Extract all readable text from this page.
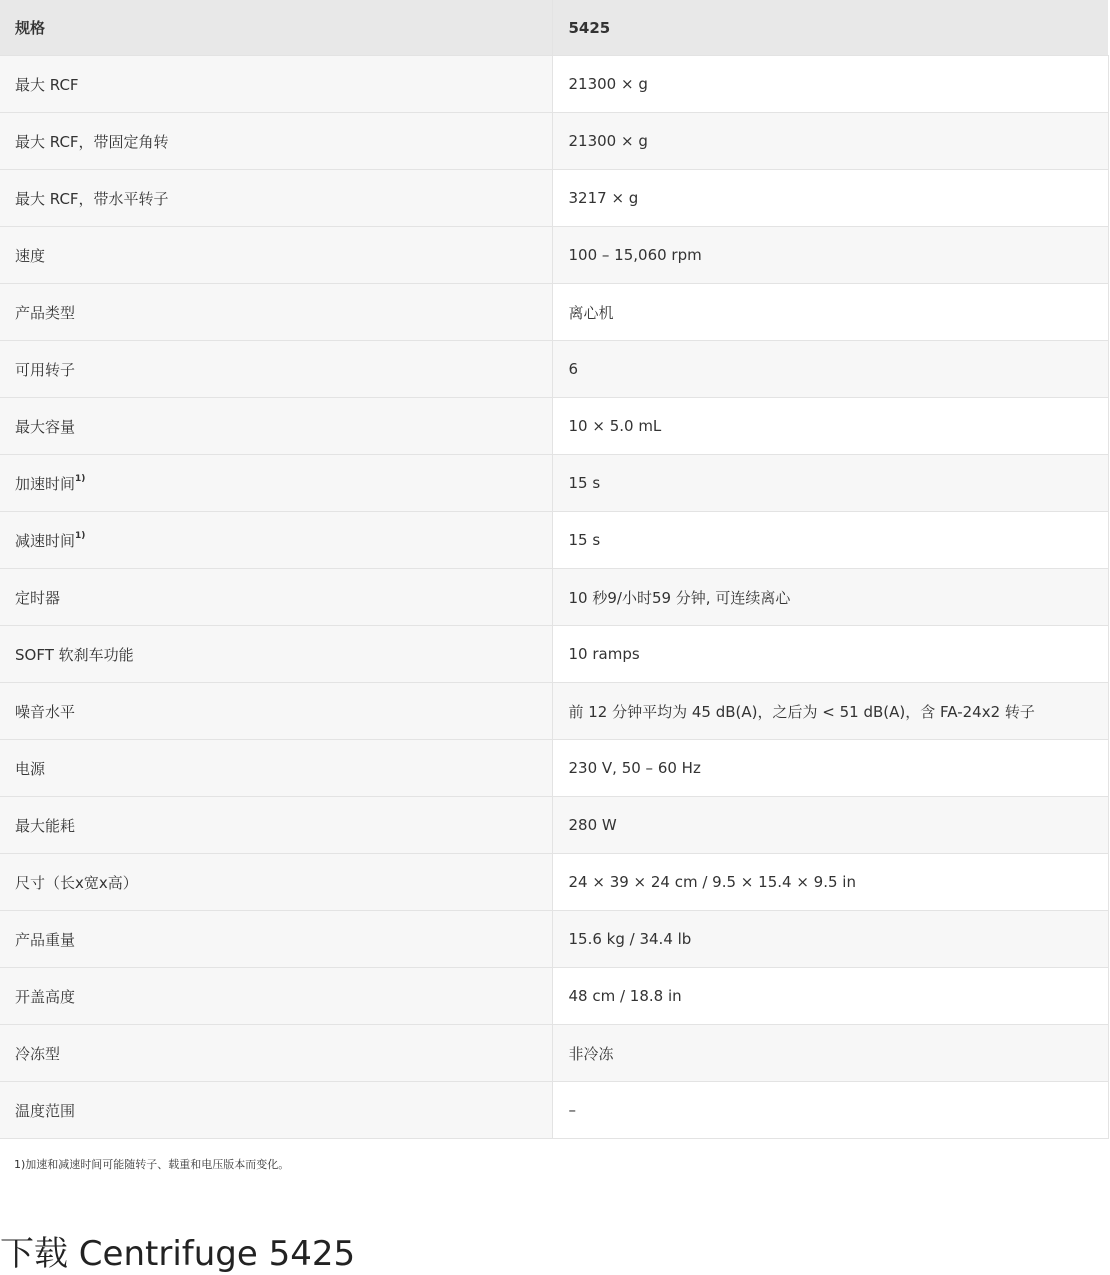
规格	5425
最大 RCF	21300 × g
最大 RCF，带固定角转	21300 × g
最大 RCF，带水平转子	3217 × g
速度	100 – 15,060 rpm
产品类型	离心机
可用转子	6
最大容量	10 × 5.0 mL
加速时间$^{1)}$	15 s
减速时间$^{1)}$	15 s
定时器	10 秒9/小时59 分钟, 可连续离心
SOFT 软刹车功能	10 ramps
噪音水平	前 12 分钟平均为 45 dB(A)，之后为 < 51 dB(A)，含 FA-24x2 转子
电源	230 V, 50 – 60 Hz
最大能耗	280 W
尺寸（长x宽x高）	24 × 39 × 24 cm / 9.5 × 15.4 × 9.5 in
产品重量	15.6 kg / 34.4 lb
开盖高度	48 cm / 18.8 in
冷冻型	非冷冻
温度范围	–
1)加速和减速时间可能随转子、载重和电压版本而变化。
下载 Centrifuge 5425
